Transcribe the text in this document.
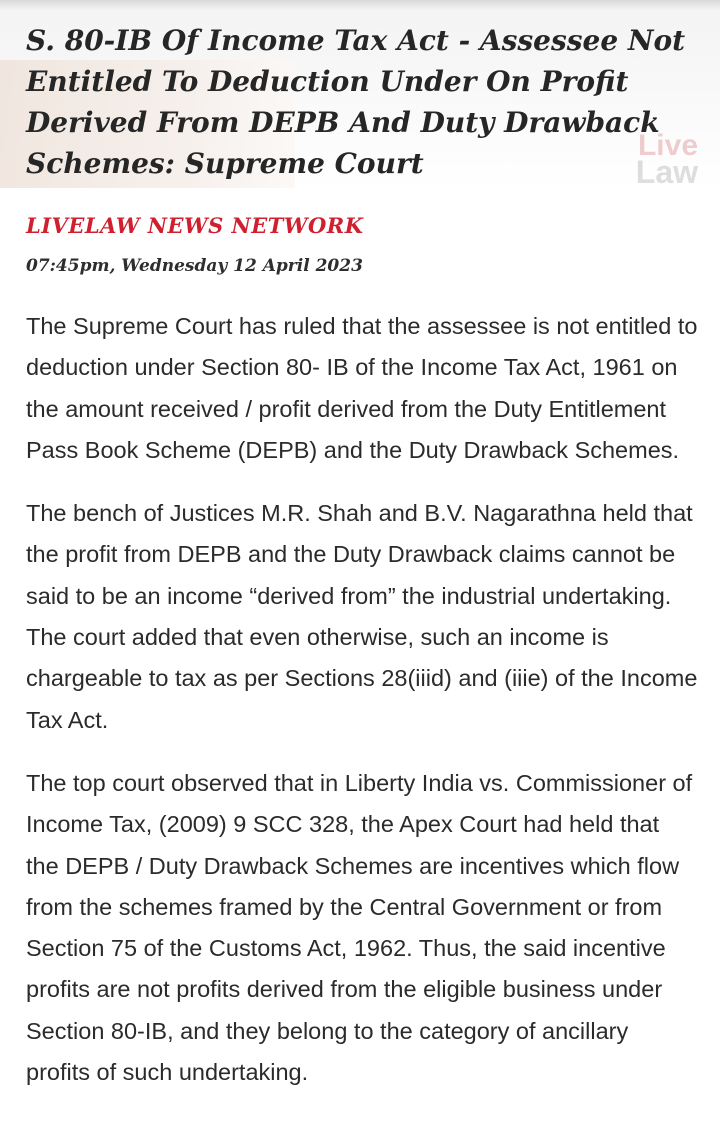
Live
Law
S. 80-IB Of Income Tax Act - Assessee Not Entitled To Deduction Under On Profit Derived From DEPB And Duty Drawback Schemes: Supreme Court

LIVELAW NEWS NETWORK

07:45pm, Wednesday 12 April 2023

The Supreme Court has ruled that the assessee is not entitled to deduction under Section 80- IB of the Income Tax Act, 1961 on the amount received / profit derived from the Duty Entitlement Pass Book Scheme (DEPB) and the Duty Drawback Schemes.

The bench of Justices M.R. Shah and B.V. Nagarathna held that the profit from DEPB and the Duty Drawback claims cannot be said to be an income “derived from” the industrial undertaking. The court added that even otherwise, such an income is chargeable to tax as per Sections 28(iiid) and (iiie) of the Income Tax Act.

The top court observed that in Liberty India vs. Commissioner of Income Tax, (2009) 9 SCC 328, the Apex Court had held that the DEPB / Duty Drawback Schemes are incentives which flow from the schemes framed by the Central Government or from Section 75 of the Customs Act, 1962. Thus, the said incentive profits are not profits derived from the eligible business under Section 80-IB, and they belong to the category of ancillary profits of such undertaking.
